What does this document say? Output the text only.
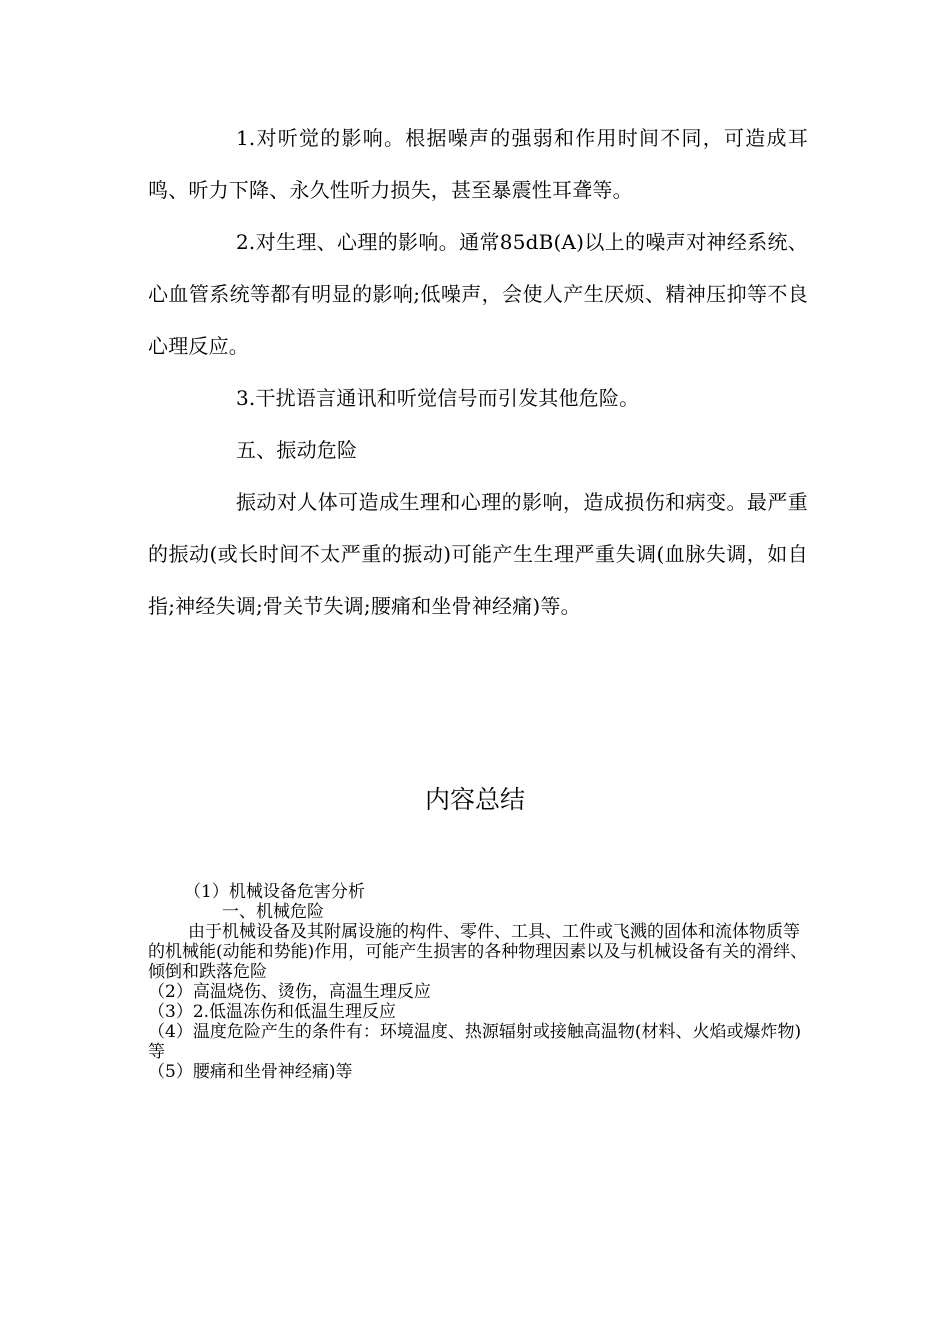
1.对听觉的影响。根据噪声的强弱和作用时间不同，可造成耳鸣、听力下降、永久性听力损失，甚至暴震性耳聋等。

2.对生理、心理的影响。通常85dB(A)以上的噪声对神经系统、心血管系统等都有明显的影响;低噪声，会使人产生厌烦、精神压抑等不良心理反应。

3.干扰语言通讯和听觉信号而引发其他危险。

五、振动危险

振动对人体可造成生理和心理的影响，造成损伤和病变。最严重的振动(或长时间不太严重的振动)可能产生生理严重失调(血脉失调，如自指;神经失调;骨关节失调;腰痛和坐骨神经痛)等。

内容总结

（1）机械设备危害分析

一、机械危险

由于机械设备及其附属设施的构件、零件、工具、工件或飞溅的固体和流体物质等的机械能(动能和势能)作用，可能产生损害的各种物理因素以及与机械设备有关的滑绊、倾倒和跌落危险

（2）高温烧伤、烫伤，高温生理反应

（3）2.低温冻伤和低温生理反应

（4）温度危险产生的条件有：环境温度、热源辐射或接触高温物(材料、火焰或爆炸物)等

（5）腰痛和坐骨神经痛)等
